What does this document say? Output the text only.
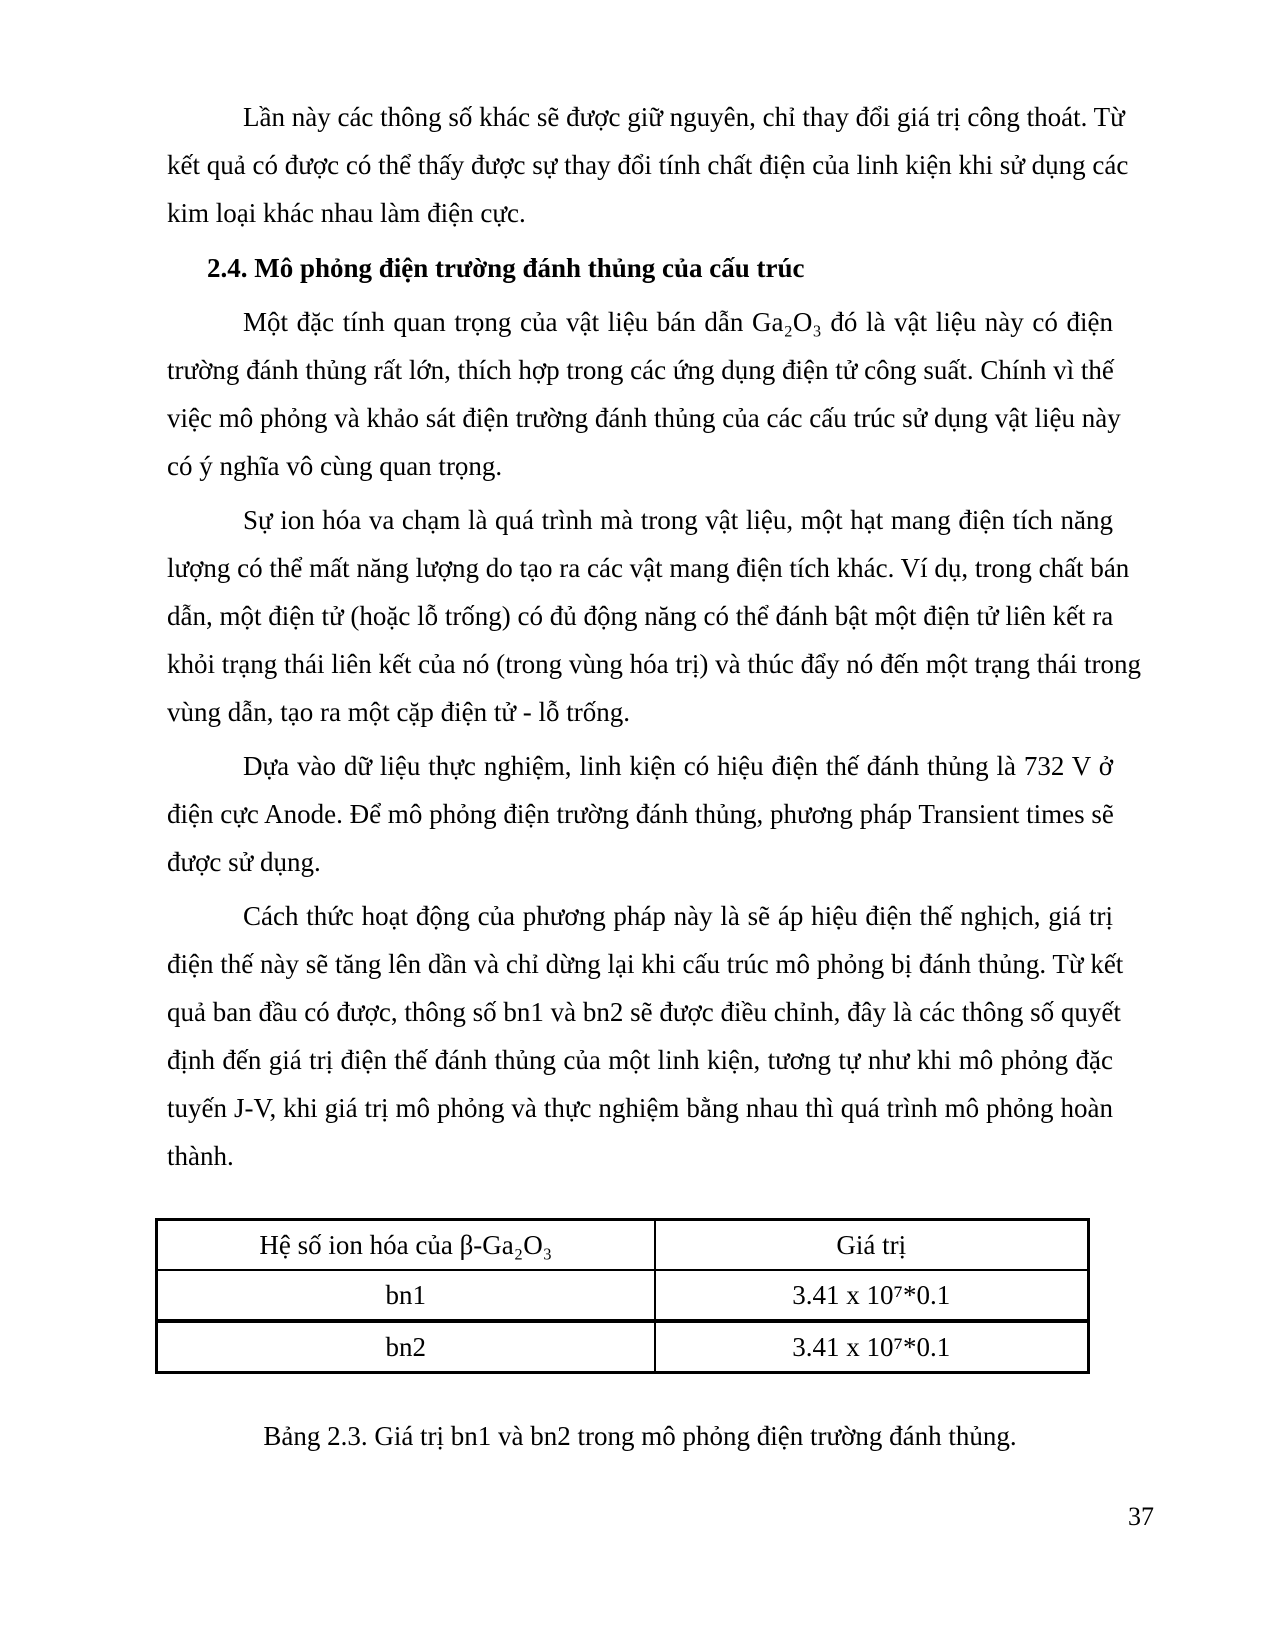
Lần này các thông số khác sẽ được giữ nguyên, chỉ thay đổi giá trị công thoát. Từ
kết quả có được có thể thấy được sự thay đổi tính chất điện của linh kiện khi sử dụng các
kim loại khác nhau làm điện cực.
2.4. Mô phỏng điện trường đánh thủng của cấu trúc
Một đặc tính quan trọng của vật liệu bán dẫn Ga₂O₃ đó là vật liệu này có điện
trường đánh thủng rất lớn, thích hợp trong các ứng dụng điện tử công suất. Chính vì thế
việc mô phỏng và khảo sát điện trường đánh thủng của các cấu trúc sử dụng vật liệu này
có ý nghĩa vô cùng quan trọng.
Sự ion hóa va chạm là quá trình mà trong vật liệu, một hạt mang điện tích năng
lượng có thể mất năng lượng do tạo ra các vật mang điện tích khác. Ví dụ, trong chất bán
dẫn, một điện tử (hoặc lỗ trống) có đủ động năng có thể đánh bật một điện tử liên kết ra
khỏi trạng thái liên kết của nó (trong vùng hóa trị) và thúc đẩy nó đến một trạng thái trong
vùng dẫn, tạo ra một cặp điện tử - lỗ trống.
Dựa vào dữ liệu thực nghiệm, linh kiện có hiệu điện thế đánh thủng là 732 V ở
điện cực Anode. Để mô phỏng điện trường đánh thủng, phương pháp Transient times sẽ
được sử dụng.
Cách thức hoạt động của phương pháp này là sẽ áp hiệu điện thế nghịch, giá trị
điện thế này sẽ tăng lên dần và chỉ dừng lại khi cấu trúc mô phỏng bị đánh thủng. Từ kết
quả ban đầu có được, thông số bn1 và bn2 sẽ được điều chỉnh, đây là các thông số quyết
định đến giá trị điện thế đánh thủng của một linh kiện, tương tự như khi mô phỏng đặc
tuyến J-V, khi giá trị mô phỏng và thực nghiệm bằng nhau thì quá trình mô phỏng hoàn
thành.
Hệ số ion hóa của β-Ga₂O₃	Giá trị
bn1	3.41 x 10⁷*0.1
bn2	3.41 x 10⁷*0.1
Bảng 2.3. Giá trị bn1 và bn2 trong mô phỏng điện trường đánh thủng.
37
